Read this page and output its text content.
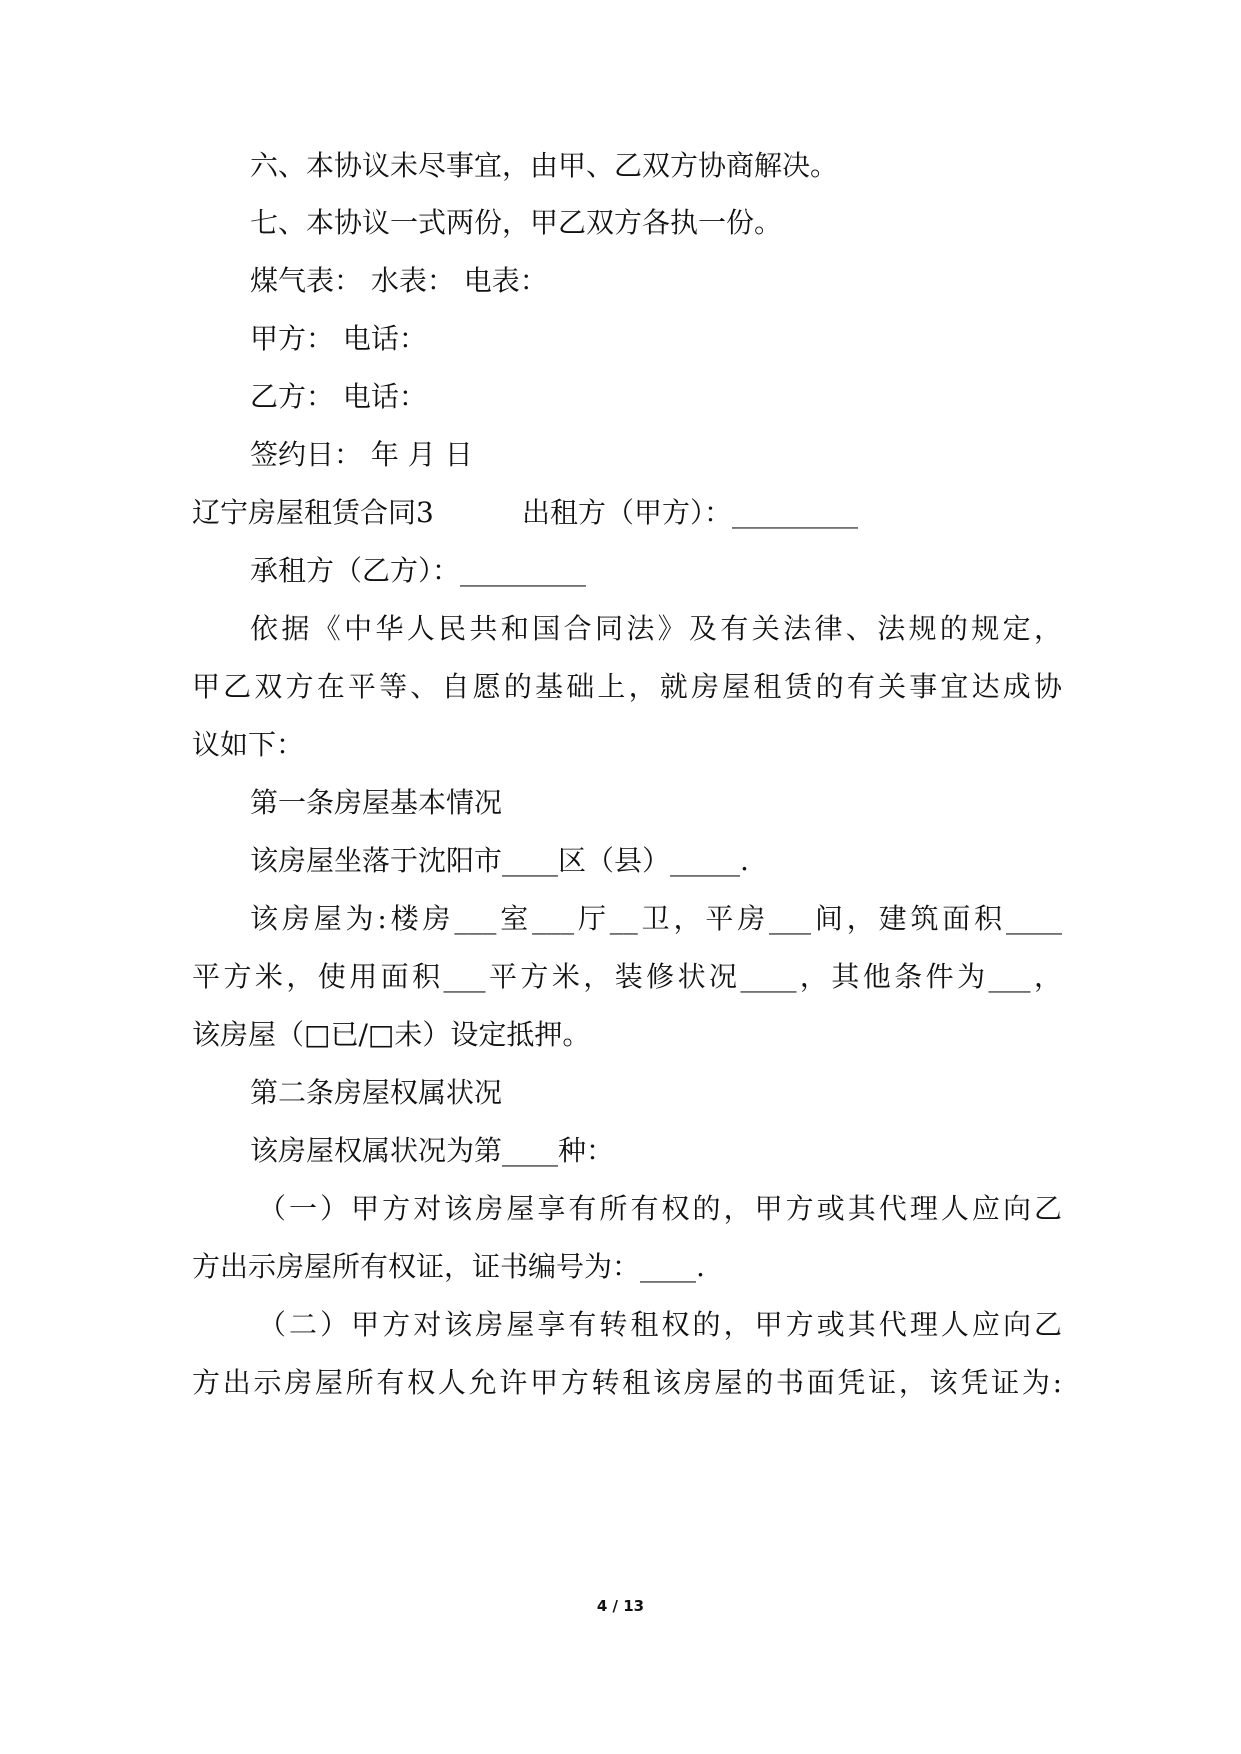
六、本协议未尽事宜，由甲、乙双方协商解决。
七、本协议一式两份，甲乙双方各执一份。
煤气表： 水表： 电表：
甲方： 电话：
乙方： 电话：
签约日： 年 月 日
辽宁房屋租赁合同3	出租方（甲方）：_________
承租方（乙方）：_________
依据《中华人民共和国合同法》及有关法律、法规的规定，
甲乙双方在平等、自愿的基础上，就房屋租赁的有关事宜达成协
议如下：
第一条房屋基本情况
该房屋坐落于沈阳市____区（县）_____.
该房屋为:楼房___室___厅__卫，平房___间，建筑面积____
平方米，使用面积___平方米，装修状况____，其他条件为___，
该房屋（□已/□未）设定抵押。
第二条房屋权属状况
该房屋权属状况为第____种：
（一）甲方对该房屋享有所有权的，甲方或其代理人应向乙
方出示房屋所有权证，证书编号为：____.
（二）甲方对该房屋享有转租权的，甲方或其代理人应向乙
方出示房屋所有权人允许甲方转租该房屋的书面凭证，该凭证为:
4 / 13
